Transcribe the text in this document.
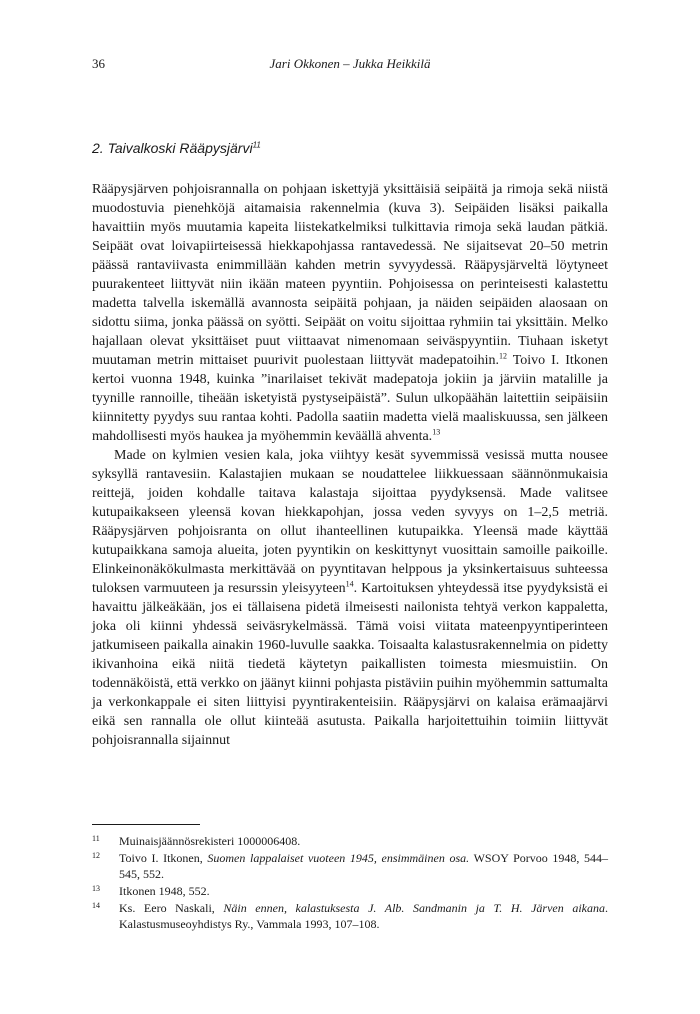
36	Jari Okkonen – Jukka Heikkilä
2. Taivalkoski Rääpysjärvi$^{11}$

Rääpysjärven pohjoisrannalla on pohjaan iskettyjä yksittäisiä seipäitä ja rimoja sekä niistä muodostuvia pienehköjä aitamaisia rakennelmia (kuva 3). Seipäiden lisäksi paikalla havaittiin myös muutamia kapeita liistekatkelmiksi tulkittavia rimoja sekä laudan pätkiä. Seipäät ovat loivapiirteisessä hiekkapohjassa rantavedessä. Ne sijaitsevat 20–50 metrin päässä rantaviivasta enimmillään kahden metrin syvyydessä. Rääpysjärveltä löytyneet puurakenteet liittyvät niin ikään mateen pyyntiin. Pohjoisessa on perinteisesti kalastettu madetta talvella iskemällä avannosta seipäitä pohjaan, ja näiden seipäiden alaosaan on sidottu siima, jonka päässä on syötti. Seipäät on voitu sijoittaa ryhmiin tai yksittäin. Melko hajallaan olevat yksittäiset puut viittaavat nimenomaan seiväspyyntiin. Tiuhaan isketyt muutaman metrin mittaiset puurivit puolestaan liittyvät madepatoihin.$^{12}$ Toivo I. Itkonen kertoi vuonna 1948, kuinka ”inarilaiset tekivät madepatoja jokiin ja järviin matalille ja tyynille rannoille, tiheään isketyistä pystyseipäistä”. Sulun ulkopäähän laitettiin seipäisiin kiinnitetty pyydys suu rantaa kohti. Padolla saatiin madetta vielä maaliskuussa, sen jälkeen mahdollisesti myös haukea ja myöhemmin keväällä ahventa.$^{13}$

Made on kylmien vesien kala, joka viihtyy kesät syvemmissä vesissä mutta nousee syksyllä rantavesiin. Kalastajien mukaan se noudattelee liikkuessaan säännönmukaisia reittejä, joiden kohdalle taitava kalastaja sijoittaa pyydyksensä. Made valitsee kutupaikakseen yleensä kovan hiekkapohjan, jossa veden syvyys on 1–2,5 metriä. Rääpysjärven pohjoisranta on ollut ihanteellinen kutupaikka. Yleensä made käyttää kutupaikkana samoja alueita, joten pyyntikin on keskittynyt vuosittain samoille paikoille. Elinkeinonäkökulmasta merkittävää on pyyntitavan helppous ja yksinkertaisuus suhteessa tuloksen varmuuteen ja resurssin yleisyyteen$^{14}$. Kartoituksen yhteydessä itse pyydyksistä ei havaittu jälkeäkään, jos ei tällaisena pidetä ilmeisesti nailonista tehtyä verkon kappaletta, joka oli kiinni yhdessä seiväsrykelmässä. Tämä voisi viitata mateenpyyntiperinteen jatkumiseen paikalla ainakin 1960-luvulle saakka. Toisaalta kalastusrakennelmia on pidetty ikivanhoina eikä niitä tiedetä käytetyn paikallisten toimesta miesmuistiin. On todennäköistä, että verkko on jäänyt kiinni pohjasta pistäviin puihin myöhemmin sattumalta ja verkonkappale ei siten liittyisi pyyntirakenteisiin. Rääpysjärvi on kalaisa erämaajärvi eikä sen rannalla ole ollut kiinteää asutusta. Paikalla harjoitettuihin toimiin liittyvät pohjoisrannalla sijainnut

11 Muinaisjäännösrekisteri 1000006408.
12 Toivo I. Itkonen, Suomen lappalaiset vuoteen 1945, ensimmäinen osa. WSOY Porvoo 1948, 544–545, 552.
13 Itkonen 1948, 552.
14 Ks. Eero Naskali, Näin ennen, kalastuksesta J. Alb. Sandmanin ja T. H. Järven aikana. Kalastusmuseoyhdistys Ry., Vammala 1993, 107–108.
